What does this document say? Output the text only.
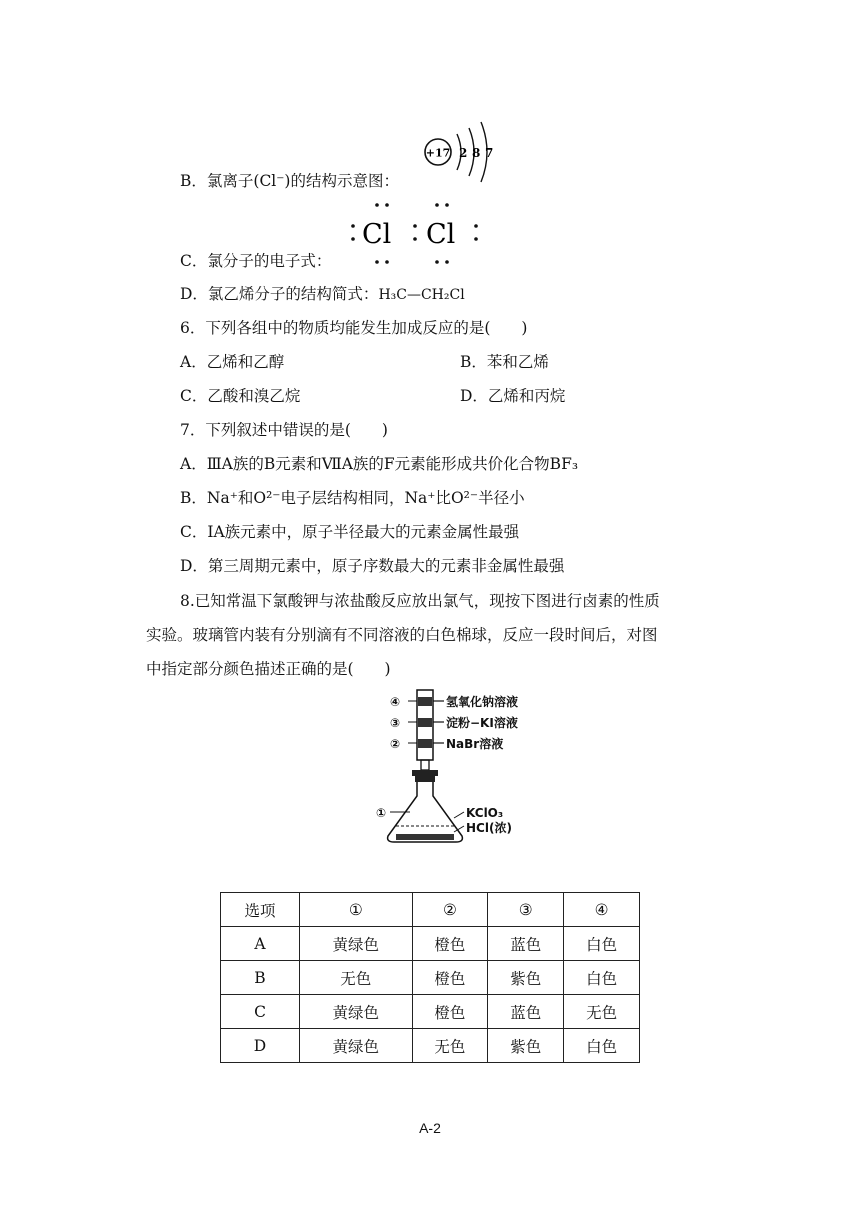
+17 2 8 7
B．氯离子(Cl⁻)的结构示意图：
Cl Cl
C．氯分子的电子式：
D．氯乙烯分子的结构简式：H₃C—CH₂Cl
6．下列各组中的物质均能发生加成反应的是(　　)
A．乙烯和乙醇	B．苯和乙烯
C．乙酸和溴乙烷	D．乙烯和丙烷
7．下列叙述中错误的是(　　)
A．ⅢA族的B元素和ⅦA族的F元素能形成共价化合物BF₃
B．Na⁺和O²⁻电子层结构相同，Na⁺比O²⁻半径小
C．ⅠA族元素中，原子半径最大的元素金属性最强
D．第三周期元素中，原子序数最大的元素非金属性最强
8.已知常温下氯酸钾与浓盐酸反应放出氯气，现按下图进行卤素的性质
实验。玻璃管内装有分别滴有不同溶液的白色棉球，反应一段时间后，对图
中指定部分颜色描述正确的是(　　)
④	氢氧化钠溶液
③	淀粉−KI溶液
②	NaBr溶液
①	KClO₃
HCl(浓)
选项	①	②	③	④
A	黄绿色	橙色	蓝色	白色
B	无色	橙色	紫色	白色
C	黄绿色	橙色	蓝色	无色
D	黄绿色	无色	紫色	白色
A-2
